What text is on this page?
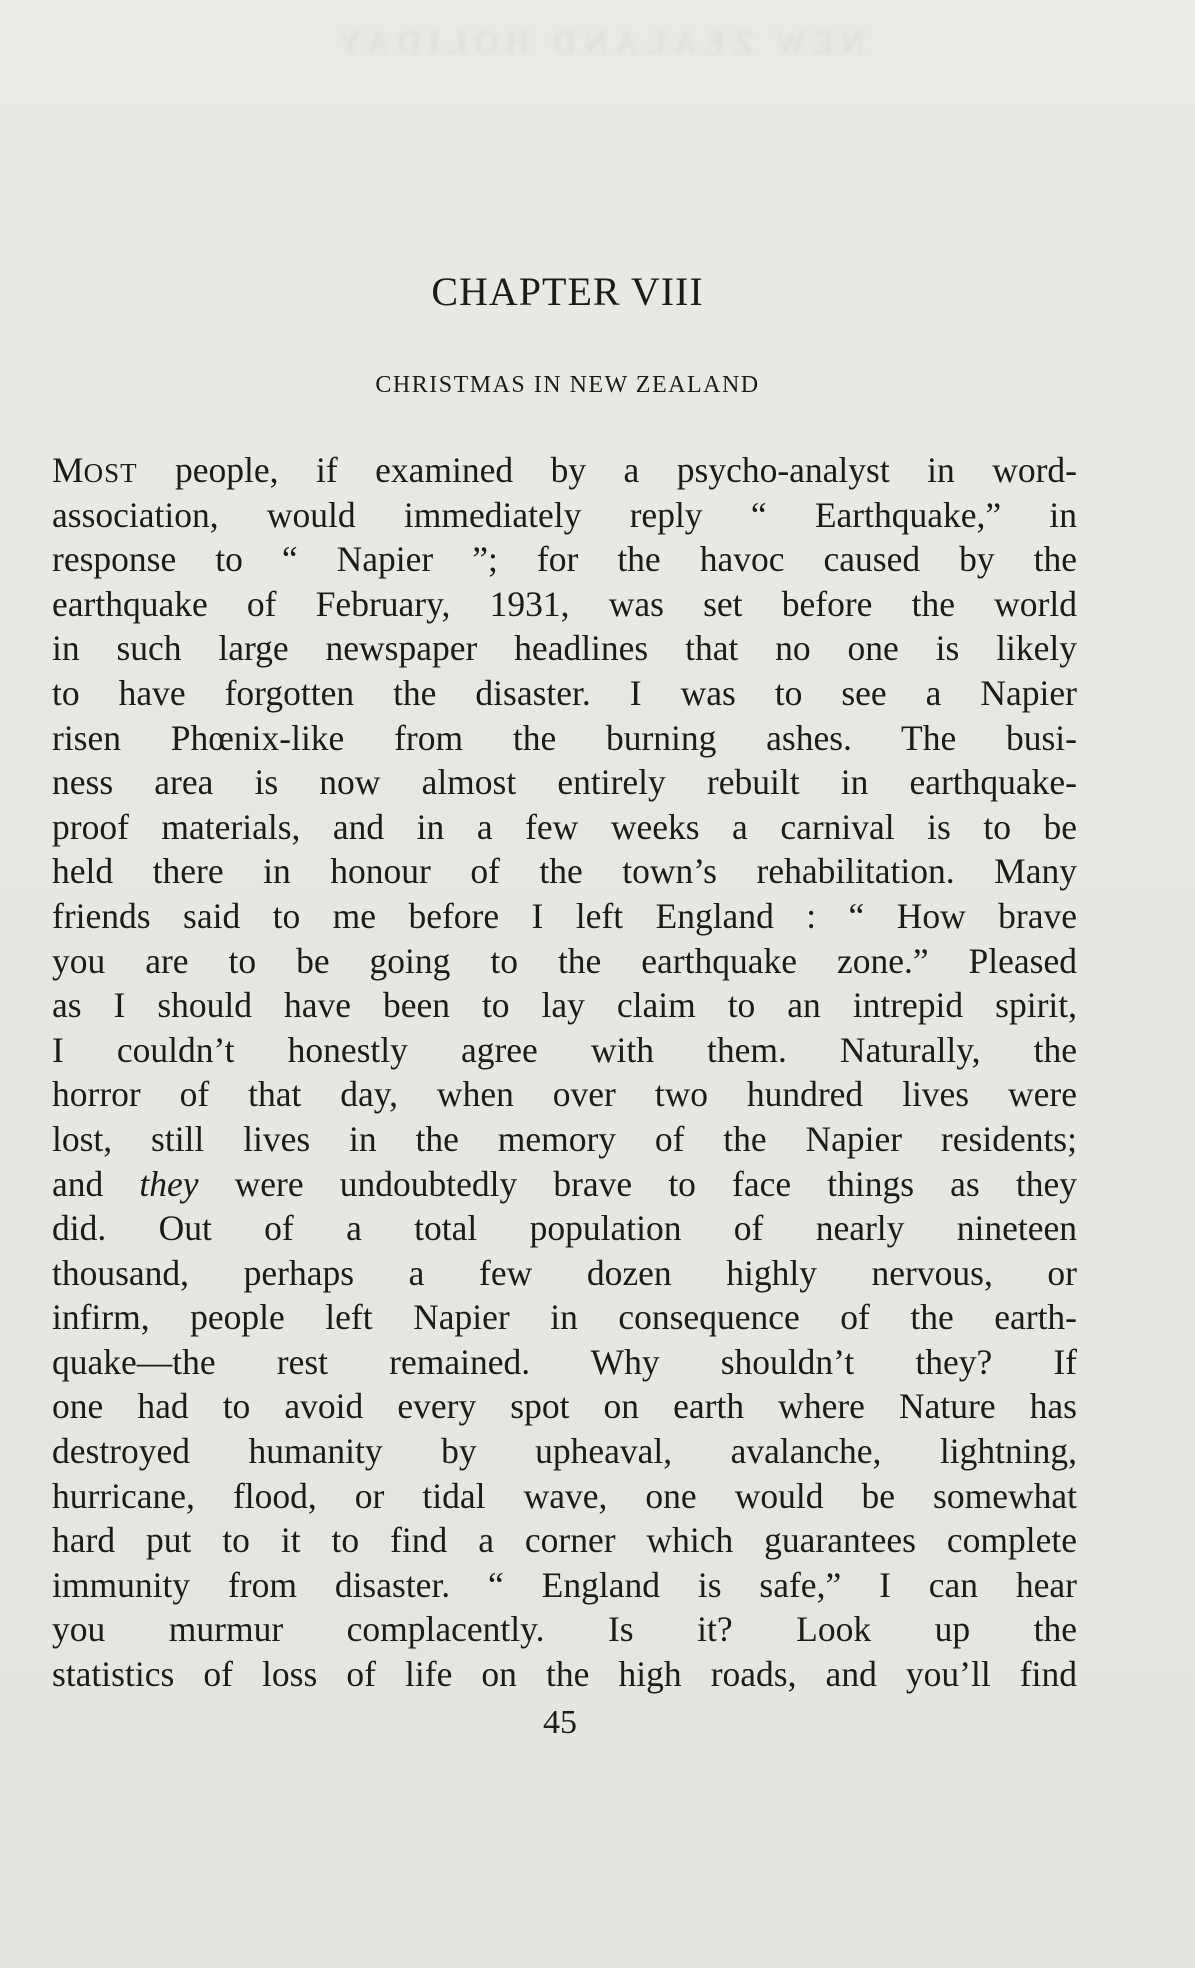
NEW ZEALAND HOLIDAY
CHAPTER VIII
CHRISTMAS IN NEW ZEALAND
MOST people, if examined by a psycho-analyst in word-
association, would immediately reply “ Earthquake,” in
response to “ Napier ”; for the havoc caused by the
earthquake of February, 1931, was set before the world
in such large newspaper headlines that no one is likely
to have forgotten the disaster. I was to see a Napier
risen Phœnix-like from the burning ashes. The busi-
ness area is now almost entirely rebuilt in earthquake-
proof materials, and in a few weeks a carnival is to be
held there in honour of the town’s rehabilitation. Many
friends said to me before I left England : “ How brave
you are to be going to the earthquake zone.” Pleased
as I should have been to lay claim to an intrepid spirit,
I couldn’t honestly agree with them. Naturally, the
horror of that day, when over two hundred lives were
lost, still lives in the memory of the Napier residents;
and they were undoubtedly brave to face things as they
did. Out of a total population of nearly nineteen
thousand, perhaps a few dozen highly nervous, or
infirm, people left Napier in consequence of the earth-
quake—the rest remained. Why shouldn’t they? If
one had to avoid every spot on earth where Nature has
destroyed humanity by upheaval, avalanche, lightning,
hurricane, flood, or tidal wave, one would be somewhat
hard put to it to find a corner which guarantees complete
immunity from disaster. “ England is safe,” I can hear
you murmur complacently. Is it? Look up the
statistics of loss of life on the high roads, and you’ll find
45
